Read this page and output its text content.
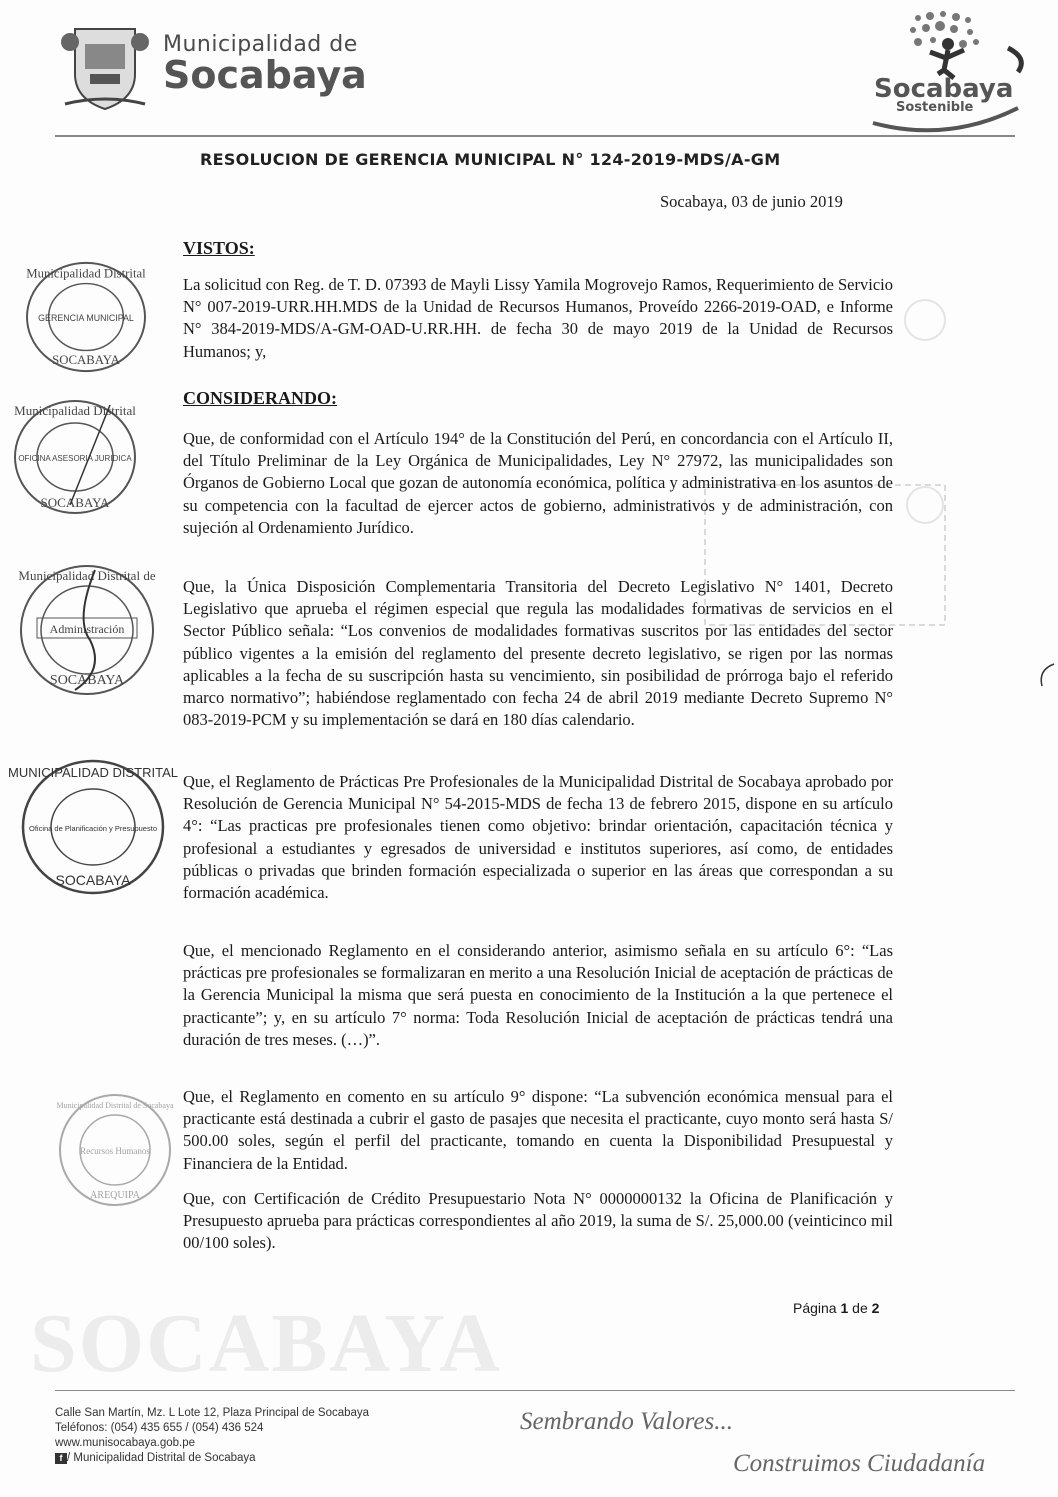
SOCABAYA
Municipalidad de
Socabaya	Socabaya
Sostenible
RESOLUCION DE GERENCIA MUNICIPAL N° 124-2019-MDS/A-GM
Socabaya, 03 de junio 2019
VISTOS:
La solicitud con Reg. de T. D. 07393 de Mayli Lissy Yamila Mogrovejo Ramos, Requerimiento de Servicio N° 007-2019-URR.HH.MDS de la Unidad de Recursos Humanos, Proveído 2266-2019-OAD, e Informe N° 384-2019-MDS/A-GM-OAD-U.RR.HH. de fecha 30 de mayo 2019 de la Unidad de Recursos Humanos; y,
CONSIDERANDO:
Que, de conformidad con el Artículo 194° de la Constitución del Perú, en concordancia con el Artículo II, del Título Preliminar de la Ley Orgánica de Municipalidades, Ley N° 27972, las municipalidades son Órganos de Gobierno Local que gozan de autonomía económica, política y administrativa en los asuntos de su competencia con la facultad de ejercer actos de gobierno, administrativos y de administración, con sujeción al Ordenamiento Jurídico.
Que, la Única Disposición Complementaria Transitoria del Decreto Legislativo N° 1401, Decreto Legislativo que aprueba el régimen especial que regula las modalidades formativas de servicios en el Sector Público señala: “Los convenios de modalidades formativas suscritos por las entidades del sector público vigentes a la emisión del reglamento del presente decreto legislativo, se rigen por las normas aplicables a la fecha de su suscripción hasta su vencimiento, sin posibilidad de prórroga bajo el referido marco normativo”; habiéndose reglamentado con fecha 24 de abril 2019 mediante Decreto Supremo N° 083-2019-PCM y su implementación se dará en 180 días calendario.
Que, el Reglamento de Prácticas Pre Profesionales de la Municipalidad Distrital de Socabaya aprobado por Resolución de Gerencia Municipal N° 54-2015-MDS de fecha 13 de febrero 2015, dispone en su artículo 4°: “Las practicas pre profesionales tienen como objetivo: brindar orientación, capacitación técnica y profesional a estudiantes y egresados de universidad e institutos superiores, así como, de entidades públicas o privadas que brinden formación especializada o superior en las áreas que correspondan a su formación académica.
Que, el mencionado Reglamento en el considerando anterior, asimismo señala en su artículo 6°: “Las prácticas pre profesionales se formalizaran en merito a una Resolución Inicial de aceptación de prácticas de la Gerencia Municipal la misma que será puesta en conocimiento de la Institución a la que pertenece el practicante”; y, en su artículo 7° norma: Toda Resolución Inicial de aceptación de prácticas tendrá una duración de tres meses. (…)”.
Que, el Reglamento en comento en su artículo 9° dispone: “La subvención económica mensual para el practicante está destinada a cubrir el gasto de pasajes que necesita el practicante, cuyo monto será hasta S/ 500.00 soles, según el perfil del practicante, tomando en cuenta la Disponibilidad Presupuestal y Financiera de la Entidad.
Que, con Certificación de Crédito Presupuestario Nota N° 0000000132 la Oficina de Planificación y Presupuesto aprueba para prácticas correspondientes al año 2019, la suma de S/. 25,000.00 (veinticinco mil 00/100 soles).
Municipalidad Distrital
GERENCIA MUNICIPAL
SOCABAYA
Municipalidad Distrital
OFICINA ASESORIA JURIDICA
SOCABAYA
Municipalidad Distrital de
Administración
SOCABAYA
MUNICIPALIDAD DISTRITAL
Oficina de Planificación y Presupuesto
SOCABAYA
Municipalidad Distrital de Socabaya
Recursos Humanos
AREQUIPA
Página 1 de 2
Calle San Martín, Mz. L Lote 12, Plaza Principal de Socabaya
Teléfonos: (054) 435 655 / (054) 436 524
www.munisocabaya.gob.pe
f / Municipalidad Distrital de Socabaya
Sembrando Valores...
Construimos Ciudadanía
